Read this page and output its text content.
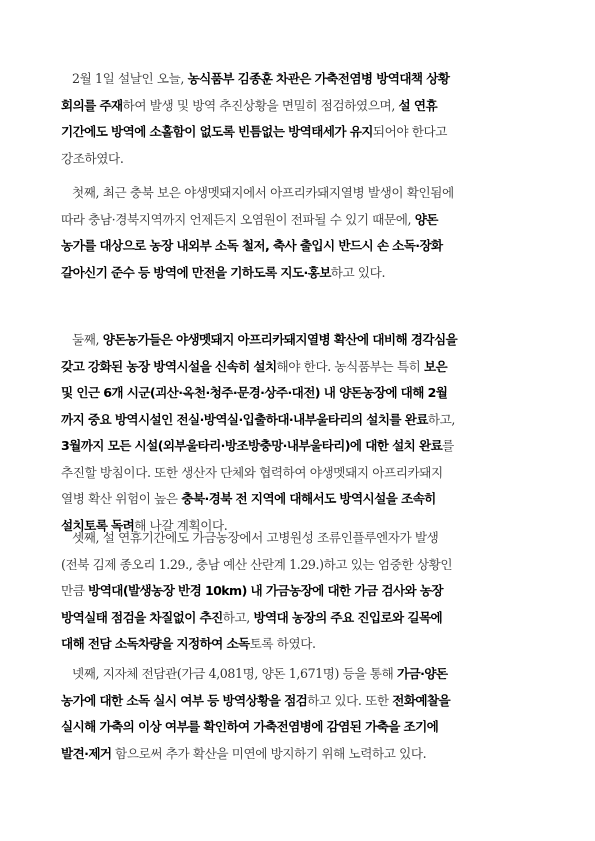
2월 1일 설날인 오늘, 농식품부 김종훈 차관은 가축전염병 방역대책 상황
회의를 주재하여 발생 및 방역 추진상황을 면밀히 점검하였으며, 설 연휴
기간에도 방역에 소홀함이 없도록 빈틈없는 방역태세가 유지되어야 한다고
강조하였다.
첫째, 최근 충북 보은 야생멧돼지에서 아프리카돼지열병 발생이 확인됨에
따라 충남·경북지역까지 언제든지 오염원이 전파될 수 있기 때문에, 양돈
농가를 대상으로 농장 내외부 소독 철저, 축사 출입시 반드시 손 소독·장화
갈아신기 준수 등 방역에 만전을 기하도록 지도·홍보하고 있다.
둘째, 양돈농가들은 야생멧돼지 아프리카돼지열병 확산에 대비해 경각심을
갖고 강화된 농장 방역시설을 신속히 설치해야 한다. 농식품부는 특히 보은
및 인근 6개 시군(괴산·옥천·청주·문경·상주·대전) 내 양돈농장에 대해 2월
까지 중요 방역시설인 전실·방역실·입출하대·내부울타리의 설치를 완료하고,
3월까지 모든 시설(외부울타리·방조방충망·내부울타리)에 대한 설치 완료를
추진할 방침이다. 또한 생산자 단체와 협력하여 야생멧돼지 아프리카돼지
열병 확산 위험이 높은 충북·경북 전 지역에 대해서도 방역시설을 조속히
설치토록 독려해 나갈 계획이다.
셋째, 설 연휴기간에도 가금농장에서 고병원성 조류인플루엔자가 발생
(전북 김제 종오리 1.29., 충남 예산 산란계 1.29.)하고 있는 엄중한 상황인
만큼 방역대(발생농장 반경 10km) 내 가금농장에 대한 가금 검사와 농장
방역실태 점검을 차질없이 추진하고, 방역대 농장의 주요 진입로와 길목에
대해 전담 소독차량을 지정하여 소독토록 하였다.
넷째, 지자체 전담관(가금 4,081명, 양돈 1,671명) 등을 통해 가금·양돈
농가에 대한 소독 실시 여부 등 방역상황을 점검하고 있다. 또한 전화예찰을
실시해 가축의 이상 여부를 확인하여 가축전염병에 감염된 가축을 조기에
발견·제거 함으로써 추가 확산을 미연에 방지하기 위해 노력하고 있다.
